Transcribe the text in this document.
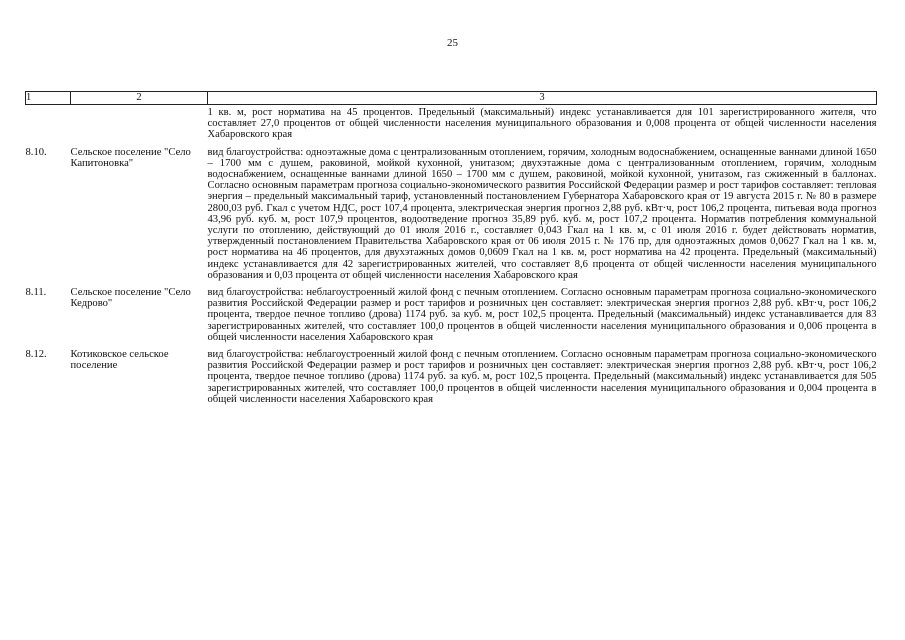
25
1	2	3
		1 кв. м, рост норматива на 45 процентов. Предельный (максимальный) индекс устанавливается для 101 зарегистрированного жителя, что составляет 27,0 процентов от общей численности населения муниципального образования и 0,008 процента от общей численности населения Хабаровского края
8.10.	Сельское поселение "Село Капитоновка"	вид благоустройства: одноэтажные дома с централизованным отоплением, горячим, холодным водоснабжением, оснащенные ваннами длиной 1650 – 1700 мм с душем, раковиной, мойкой кухонной, унитазом; двухэтажные дома с централизованным отоплением, горячим, холодным водоснабжением, оснащенные ваннами длиной 1650 – 1700 мм с душем, раковиной, мойкой кухонной, унитазом, газ сжиженный в баллонах. Согласно основным параметрам прогноза социально-экономического развития Российской Федерации размер и рост тарифов составляет: тепловая энергия – предельный максимальный тариф, установленный постановлением Губернатора Хабаровского края от 19 августа 2015 г. № 80 в размере 2800,03 руб. Гкал с учетом НДС, рост 107,4 процента, электрическая энергия прогноз 2,88 руб. кВт·ч, рост 106,2 процента, питьевая вода прогноз 43,96 руб. куб. м, рост 107,9 процентов, водоотведение прогноз 35,89 руб. куб. м, рост 107,2 процента. Норматив потребления коммунальной услуги по отоплению, действующий до 01 июля 2016 г., составляет 0,043 Гкал на 1 кв. м, с 01 июля 2016 г. будет действовать норматив, утвержденный постановлением Правительства Хабаровского края от 06 июля 2015 г. № 176 пр, для одноэтажных домов 0,0627 Гкал на 1 кв. м, рост норматива на 46 процентов, для двухэтажных домов 0,0609 Гкал на 1 кв. м, рост норматива на 42 процента. Предельный (максимальный) индекс устанавливается для 42 зарегистрированных жителей, что составляет 8,6 процента от общей численности населения муниципального образования и 0,03 процента от общей численности населения Хабаровского края
8.11.	Сельское поселение "Село Кедрово"	вид благоустройства: неблагоустроенный жилой фонд с печным отоплением. Согласно основным параметрам прогноза социально-экономического развития Российской Федерации размер и рост тарифов и розничных цен составляет: электрическая энергия прогноз 2,88 руб. кВт·ч, рост 106,2 процента, твердое печное топливо (дрова) 1174 руб. за куб. м, рост 102,5 процента. Предельный (максимальный) индекс устанавливается для 83 зарегистрированных жителей, что составляет 100,0 процентов в общей численности населения муниципального образования и 0,006 процента в общей численности населения Хабаровского края
8.12.	Котиковское сельское поселение	вид благоустройства: неблагоустроенный жилой фонд с печным отоплением. Согласно основным параметрам прогноза социально-экономического развития Российской Федерации размер и рост тарифов и розничных цен составляет: электрическая энергия прогноз 2,88 руб. кВт·ч, рост 106,2 процента, твердое печное топливо (дрова) 1174 руб. за куб. м, рост 102,5 процента. Предельный (максимальный) индекс устанавливается для 505 зарегистрированных жителей, что составляет 100,0 процентов в общей численности населения муниципального образования и 0,004 процента в общей численности населения Хабаровского края
